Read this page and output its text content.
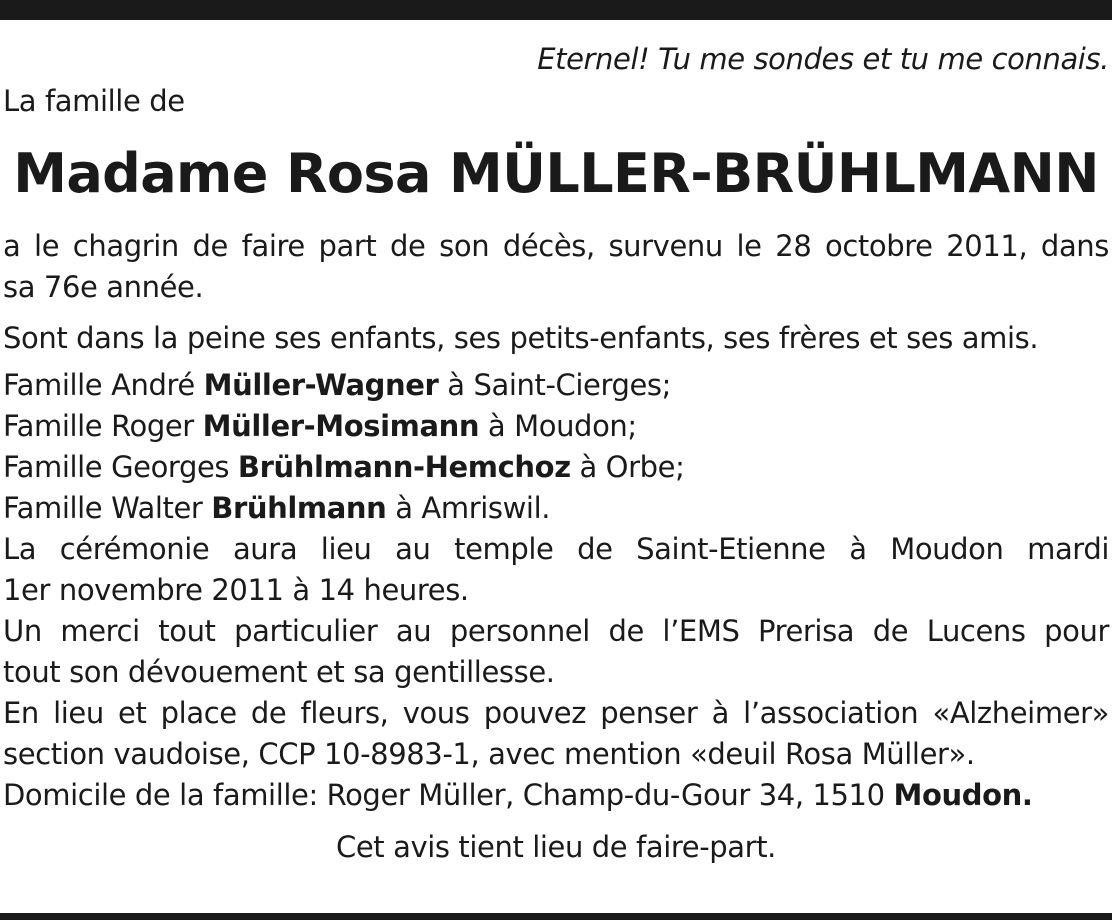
Eternel! Tu me sondes et tu me connais.
La famille de
Madame Rosa MÜLLER-BRÜHLMANN
a le chagrin de faire part de son décès, survenu le 28 octobre 2011, dans
sa 76e année.
Sont dans la peine ses enfants, ses petits-enfants, ses frères et ses amis.
Famille André Müller-Wagner à Saint-Cierges;
Famille Roger Müller-Mosimann à Moudon;
Famille Georges Brühlmann-Hemchoz à Orbe;
Famille Walter Brühlmann à Amriswil.
La cérémonie aura lieu au temple de Saint-Etienne à Moudon mardi
1er novembre 2011 à 14 heures.
Un merci tout particulier au personnel de l’EMS Prerisa de Lucens pour
tout son dévouement et sa gentillesse.
En lieu et place de fleurs, vous pouvez penser à l’association «Alzheimer»
section vaudoise, CCP 10-8983-1, avec mention «deuil Rosa Müller».
Domicile de la famille: Roger Müller, Champ-du-Gour 34, 1510 Moudon.
Cet avis tient lieu de faire-part.
